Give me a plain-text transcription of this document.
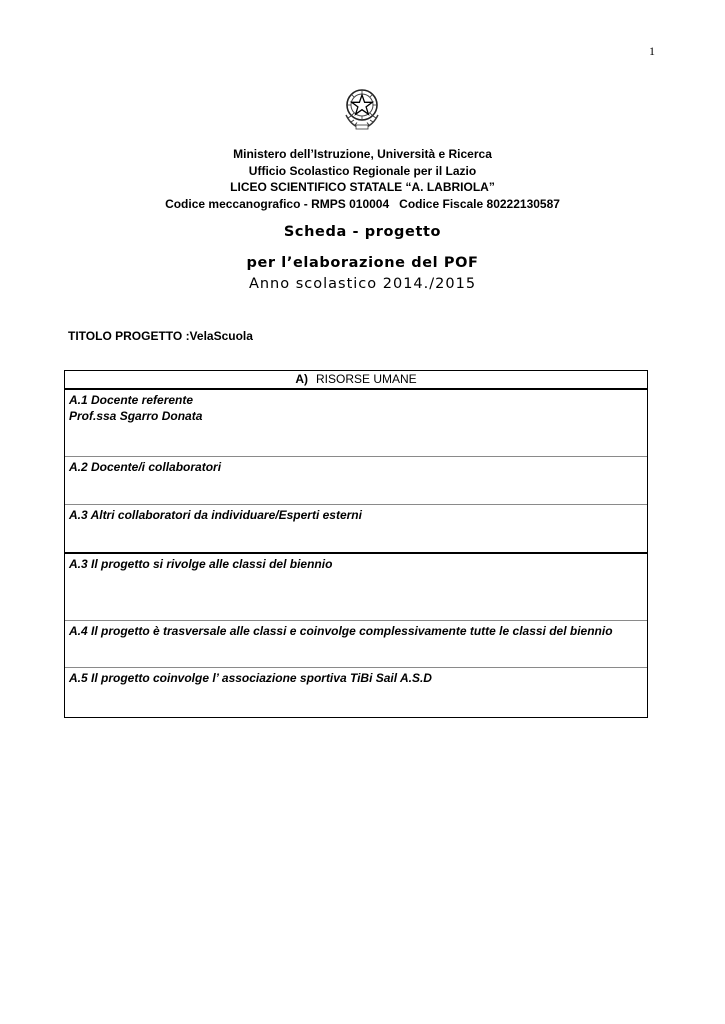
1
Ministero dell’Istruzione, Università e Ricerca
Ufficio Scolastico Regionale per il Lazio
LICEO SCIENTIFICO STATALE “A. LABRIOLA”
Codice meccanografico - RMPS 010004   Codice Fiscale 80222130587
Scheda - progetto
per l’elaborazione del POF
Anno scolastico 2014./2015
TITOLO PROGETTO :VelaScuola
A) RISORSE UMANE
A.1 Docente referente
Prof.ssa Sgarro Donata
A.2 Docente/i collaboratori
A.3 Altri collaboratori da individuare/Esperti esterni
A.3 Il progetto si rivolge alle classi del biennio
A.4 Il progetto è trasversale alle classi e coinvolge complessivamente tutte le classi del biennio
A.5 Il progetto coinvolge l’ associazione sportiva TiBi Sail A.S.D
